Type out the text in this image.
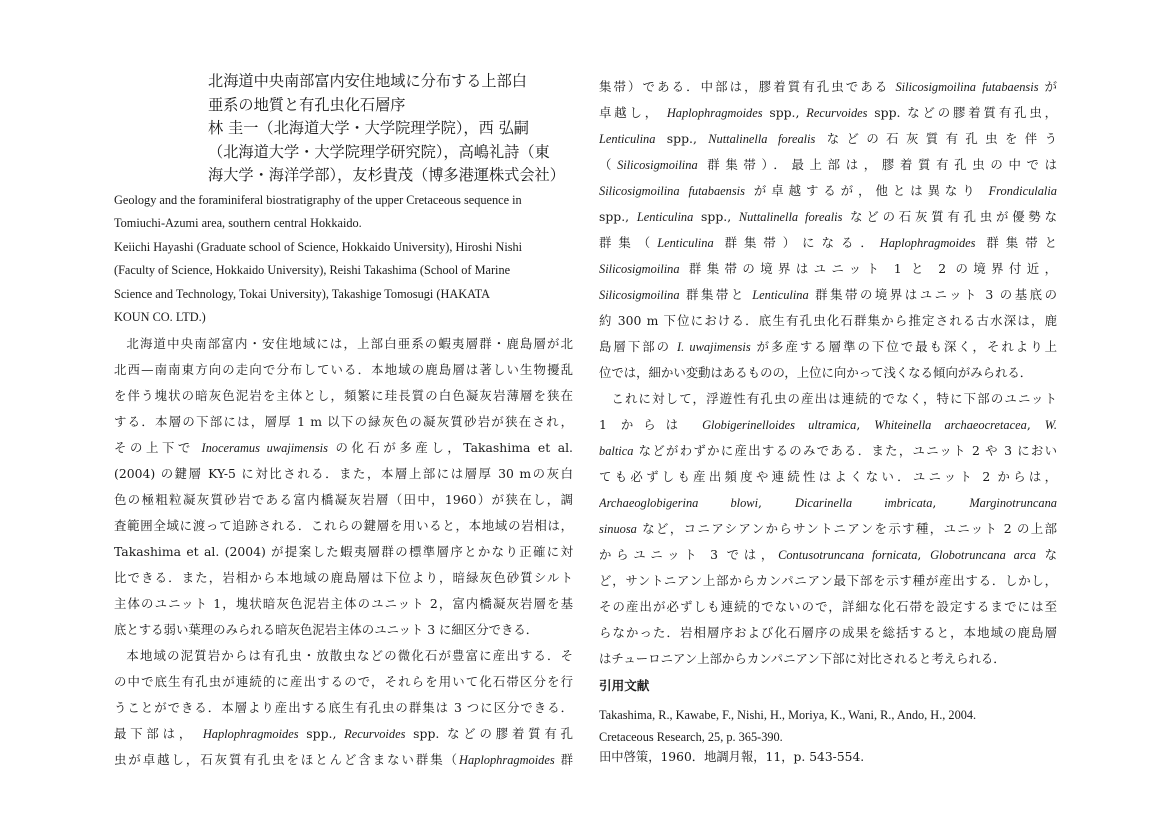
北海道中央南部富内安住地域に分布する上部白
亜系の地質と有孔虫化石層序
林 圭一（北海道大学・大学院理学院），西 弘嗣
（北海道大学・大学院理学研究院），高嶋礼詩（東
海大学・海洋学部），友杉貴茂（博多港運株式会社）
Geology and the foraminiferal biostratigraphy of the upper Cretaceous sequence in
Tomiuchi-Azumi area, southern central Hokkaido.
Keiichi Hayashi (Graduate school of Science, Hokkaido University), Hiroshi Nishi
(Faculty of Science, Hokkaido University), Reishi Takashima (School of Marine
Science and Technology, Tokai University), Takashige Tomosugi (HAKATA
KOUN CO. LTD.)
北海道中央南部富内・安住地域には，上部白亜系の蝦夷層群・鹿島層が北
北西—南南東方向の走向で分布している．本地域の鹿島層は著しい生物擾乱
を伴う塊状の暗灰色泥岩を主体とし，頻繁に珪長質の白色凝灰岩薄層を狭在
する．本層の下部には，層厚 1 m 以下の緑灰色の凝灰質砂岩が狭在され，
その上下で Inoceramus uwajimensis の化石が多産し，Takashima et al.
(2004) の鍵層 KY-5 に対比される．また，本層上部には層厚 30 mの灰白
色の極粗粒凝灰質砂岩である富内橋凝灰岩層（田中，1960）が狭在し，調
査範囲全域に渡って追跡される．これらの鍵層を用いると，本地域の岩相は，
Takashima et al. (2004) が提案した蝦夷層群の標準層序とかなり正確に対
比できる．また，岩相から本地域の鹿島層は下位より，暗緑灰色砂質シルト
主体のユニット 1，塊状暗灰色泥岩主体のユニット 2，富内橋凝灰岩層を基
底とする弱い葉理のみられる暗灰色泥岩主体のユニット 3 に細区分できる．
本地域の泥質岩からは有孔虫・放散虫などの微化石が豊富に産出する．そ
の中で底生有孔虫が連続的に産出するので，それらを用いて化石帯区分を行
うことができる．本層より産出する底生有孔虫の群集は 3 つに区分できる．
最下部は， Haplophragmoides spp., Recurvoides spp. などの膠着質有孔
虫が卓越し，石灰質有孔虫をほとんど含まない群集（Haplophragmoides 群
集帯）である．中部は，膠着質有孔虫である Silicosigmoilina futabaensis が
卓越し， Haplophragmoides spp., Recurvoides spp. などの膠着質有孔虫，
Lenticulina spp., Nuttalinella forealis などの石灰質有孔虫を伴う
（Silicosigmoilina 群集帯）．最上部は，膠着質有孔虫の中では
Silicosigmoilina futabaensis が卓越するが，他とは異なり Frondiculalia
spp., Lenticulina spp., Nuttalinella forealis などの石灰質有孔虫が優勢な
群集（Lenticulina 群集帯）になる．Haplophragmoides 群集帯と
Silicosigmoilina 群集帯の境界はユニット 1 と 2 の境界付近，
Silicosigmoilina 群集帯と Lenticulina 群集帯の境界はユニット 3 の基底の
約 300 m 下位における．底生有孔虫化石群集から推定される古水深は，鹿
島層下部の I. uwajimensis が多産する層準の下位で最も深く，それより上
位では，細かい変動はあるものの，上位に向かって浅くなる傾向がみられる．
これに対して，浮遊性有孔虫の産出は連続的でなく，特に下部のユニット
1 からは Globigerinelloides ultramica, Whiteinella archaeocretacea, W.
baltica などがわずかに産出するのみである．また，ユニット 2 や 3 におい
ても必ずしも産出頻度や連続性はよくない．ユニット 2 からは，
Archaeoglobigerina blowi, Dicarinella imbricata, Marginotruncana
sinuosa など，コニアシアンからサントニアンを示す種，ユニット 2 の上部
からユニット 3 では，Contusotruncana fornicata, Globotruncana arca な
ど，サントニアン上部からカンパニアン最下部を示す種が産出する．しかし，
その産出が必ずしも連続的でないので，詳細な化石帯を設定するまでには至
らなかった．岩相層序および化石層序の成果を総括すると，本地域の鹿島層
はチューロニアン上部からカンパニアン下部に対比されると考えられる．
引用文献
Takashima, R., Kawabe, F., Nishi, H., Moriya, K., Wani, R., Ando, H., 2004.
Cretaceous Research, 25, p. 365-390.
田中啓策，1960．地調月報，11，p. 543-554.
